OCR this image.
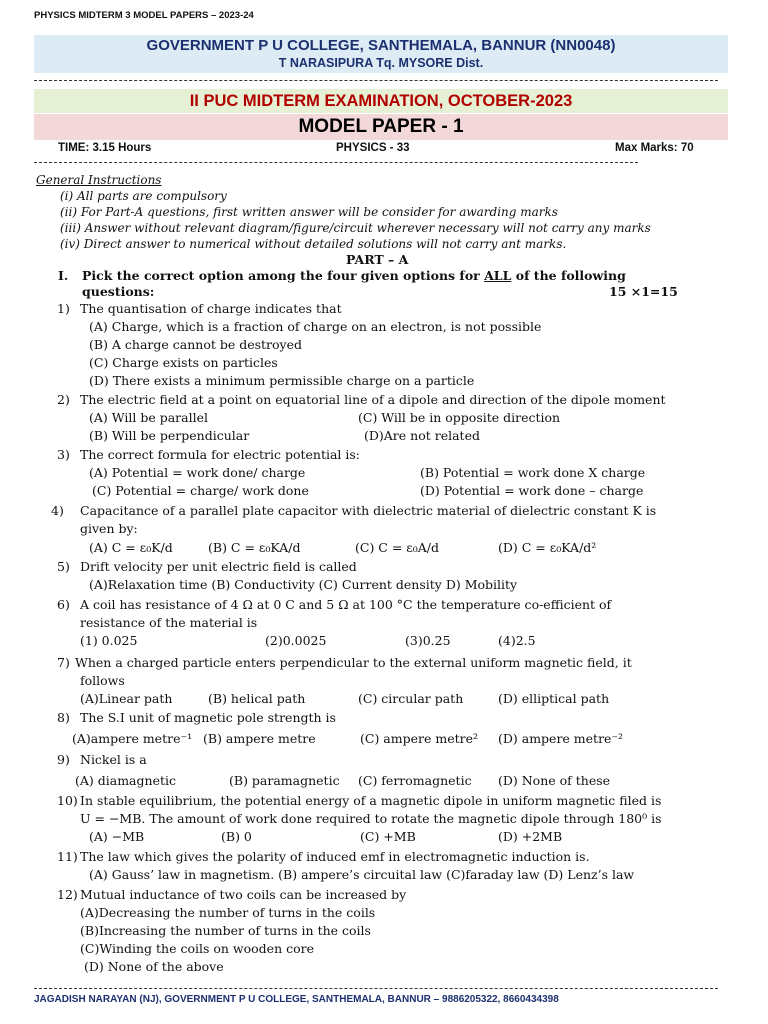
PHYSICS MIDTERM 3 MODEL PAPERS – 2023-24
GOVERNMENT P U COLLEGE, SANTHEMALA, BANNUR (NN0048)
T NARASIPURA Tq. MYSORE Dist.
II PUC MIDTERM EXAMINATION, OCTOBER-2023
MODEL PAPER - 1
TIME: 3.15 Hours	PHYSICS - 33	Max Marks: 70
General Instructions
(i) All parts are compulsory
(ii) For Part-A questions, first written answer will be consider for awarding marks
(iii) Answer without relevant diagram/figure/circuit wherever necessary will not carry any marks
(iv) Direct answer to numerical without detailed solutions will not carry ant marks.
PART – A
I. Pick the correct option among the four given options for ALL of the following
questions:	15 ×1=15
1) The quantisation of charge indicates that
(A) Charge, which is a fraction of charge on an electron, is not possible
(B) A charge cannot be destroyed
(C) Charge exists on particles
(D) There exists a minimum permissible charge on a particle
2) The electric field at a point on equatorial line of a dipole and direction of the dipole moment
(A) Will be parallel	(C) Will be in opposite direction
(B) Will be perpendicular	(D)Are not related
3) The correct formula for electric potential is:
(A) Potential = work done/ charge	(B) Potential = work done X charge
(C) Potential = charge/ work done	(D) Potential = work done – charge
4) Capacitance of a parallel plate capacitor with dielectric material of dielectric constant K is
given by:
(A) C = ε₀K/d	(B) C = ε₀KA/d	(C) C = ε₀A/d	(D) C = ε₀KA/d²
5) Drift velocity per unit electric field is called
(A)Relaxation time (B) Conductivity (C) Current density D) Mobility
6) A coil has resistance of 4 Ω at 0 C and 5 Ω at 100 °C the temperature co-efficient of
resistance of the material is
(1) 0.025	(2)0.0025	(3)0.25	(4)2.5
7) When a charged particle enters perpendicular to the external uniform magnetic field, it
follows
(A)Linear path	(B) helical path	(C) circular path	(D) elliptical path
8) The S.I unit of magnetic pole strength is
(A)ampere metre⁻¹ (B) ampere metre	(C) ampere metre² (D) ampere metre⁻²
9) Nickel is a
(A) diamagnetic	(B) paramagnetic (C) ferromagnetic (D) None of these
10) In stable equilibrium, the potential energy of a magnetic dipole in uniform magnetic filed is
U = −MB. The amount of work done required to rotate the magnetic dipole through 180⁰ is
(A) −MB	(B) 0	(C) +MB	(D) +2MB
11) The law which gives the polarity of induced emf in electromagnetic induction is.
(A) Gauss’ law in magnetism. (B) ampere’s circuital law (C)faraday law (D) Lenz’s law
12) Mutual inductance of two coils can be increased by
(A)Decreasing the number of turns in the coils
(B)Increasing the number of turns in the coils
(C)Winding the coils on wooden core
(D) None of the above
JAGADISH NARAYAN (NJ), GOVERNMENT P U COLLEGE, SANTHEMALA, BANNUR – 9886205322, 8660434398
